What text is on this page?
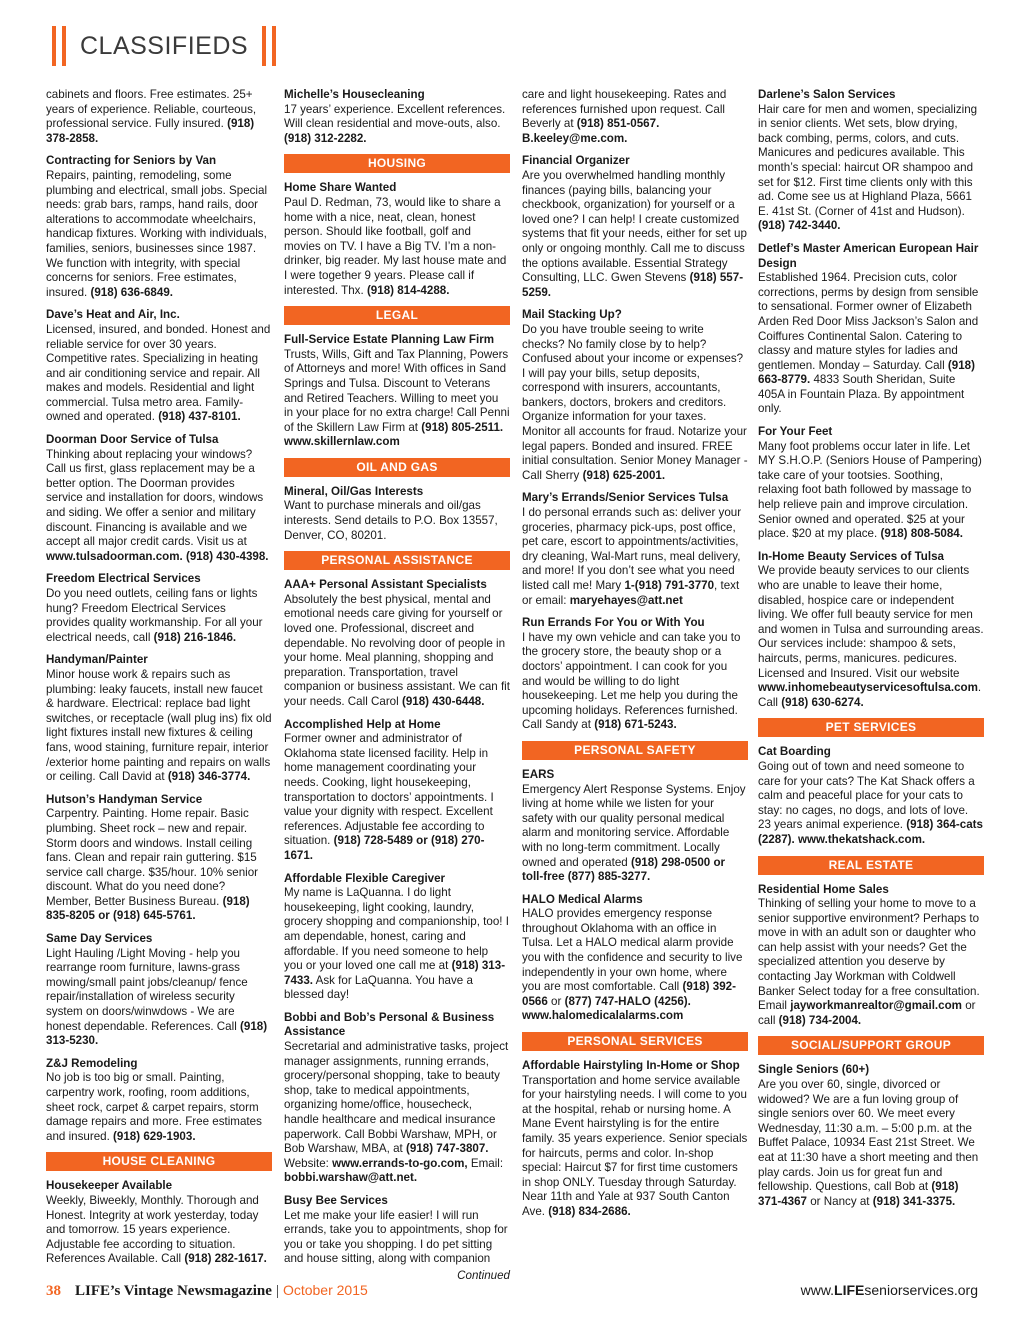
CLASSIFIEDS

cabinets and floors. Free estimates. 25+ years of experience. Reliable, courteous, professional service. Fully insured. (918) 378-2858.

Contracting for Seniors by Van
Repairs, painting, remodeling, some plumbing and electrical, small jobs. Special needs: grab bars, ramps, hand rails, door alterations to accommodate wheelchairs, handicap fixtures. Working with individuals, families, seniors, businesses since 1987. We function with integrity, with special concerns for seniors. Free estimates, insured. (918) 636-6849.

Dave’s Heat and Air, Inc.
Licensed, insured, and bonded. Honest and reliable service for over 30 years. Competitive rates. Specializing in heating and air conditioning service and repair. All makes and models. Residential and light commercial. Tulsa metro area. Family-owned and operated. (918) 437-8101.

Doorman Door Service of Tulsa
Thinking about replacing your windows? Call us first, glass replacement may be a better option. The Doorman provides service and installation for doors, windows and siding. We offer a senior and military discount. Financing is available and we accept all major credit cards. Visit us at www.tulsadoorman.com. (918) 430-4398.

Freedom Electrical Services
Do you need outlets, ceiling fans or lights hung? Freedom Electrical Services provides quality workmanship. For all your electrical needs, call (918) 216-1846.

Handyman/Painter
Minor house work & repairs such as plumbing: leaky faucets, install new faucet & hardware. Electrical: replace bad light switches, or receptacle (wall plug ins) fix old light fixtures install new fixtures & ceiling fans, wood staining, furniture repair, interior /exterior home painting and repairs on walls or ceiling. Call David at (918) 346-3774.

Hutson’s Handyman Service
Carpentry. Painting. Home repair. Basic plumbing. Sheet rock – new and repair. Storm doors and windows. Install ceiling fans. Clean and repair rain guttering. $15 service call charge. $35/hour. 10% senior discount. What do you need done? Member, Better Business Bureau. (918) 835-8205 or (918) 645-5761.

Same Day Services
Light Hauling /Light Moving - help you rearrange room furniture, lawns-grass mowing/small paint jobs/cleanup/ fence repair/installation of wireless security system on doors/winwdows - We are honest dependable. References. Call (918) 313-5230.

Z&J Remodeling
No job is too big or small. Painting, carpentry work, roofing, room additions, sheet rock, carpet & carpet repairs, storm damage repairs and more. Free estimates and insured. (918) 629-1903.

HOUSE CLEANING

Housekeeper Available
Weekly, Biweekly, Monthly. Thorough and Honest. Integrity at work yesterday, today and tomorrow. 15 years experience. Adjustable fee according to situation. References Available. Call (918) 282-1617.

Michelle’s Housecleaning
17 years’ experience. Excellent references. Will clean residential and move-outs, also. (918) 312-2282.

HOUSING

Home Share Wanted
Paul D. Redman, 73, would like to share a home with a nice, neat, clean, honest person. Should like football, golf and movies on TV. I have a Big TV. I’m a non-drinker, big reader. My last house mate and I were together 9 years. Please call if interested. Thx. (918) 814-4288.

LEGAL

Full-Service Estate Planning Law Firm
Trusts, Wills, Gift and Tax Planning, Powers of Attorneys and more! With offices in Sand Springs and Tulsa. Discount to Veterans and Retired Teachers. Willing to meet you in your place for no extra charge! Call Penni of the Skillern Law Firm at (918) 805-2511. www.skillernlaw.com

OIL AND GAS

Mineral, Oil/Gas Interests
Want to purchase minerals and oil/gas interests. Send details to P.O. Box 13557, Denver, CO, 80201.

PERSONAL ASSISTANCE

AAA+ Personal Assistant Specialists
Absolutely the best physical, mental and emotional needs care giving for yourself or loved one. Professional, discreet and dependable. No revolving door of people in your home. Meal planning, shopping and preparation. Transportation, travel companion or business assistant. We can fit your needs. Call Carol (918) 430-6448.

Accomplished Help at Home
Former owner and administrator of Oklahoma state licensed facility. Help in home management coordinating your needs. Cooking, light housekeeping, transportation to doctors’ appointments. I value your dignity with respect. Excellent references. Adjustable fee according to situation. (918) 728-5489 or (918) 270-1671.

Affordable Flexible Caregiver
My name is LaQuanna. I do light housekeeping, light cooking, laundry, grocery shopping and companionship, too! I am dependable, honest, caring and affordable. If you need someone to help you or your loved one call me at (918) 313-7433. Ask for LaQuanna. You have a blessed day!

Bobbi and Bob’s Personal & Business Assistance
Secretarial and administrative tasks, project manager assignments, running errands, grocery/personal shopping, take to beauty shop, take to medical appointments, organizing home/office, housecheck, handle healthcare and medical insurance paperwork. Call Bobbi Warshaw, MPH, or Bob Warshaw, MBA, at (918) 747-3807. Website: www.errands-to-go.com, Email: bobbi.warshaw@att.net.

Busy Bee Services
Let me make your life easier! I will run errands, take you to appointments, shop for you or take you shopping. I do pet sitting and house sitting, along with companion

Continued

care and light housekeeping. Rates and references furnished upon request. Call Beverly at (918) 851-0567. B.keeley@me.com.

Financial Organizer
Are you overwhelmed handling monthly finances (paying bills, balancing your checkbook, organization) for yourself or a loved one? I can help! I create customized systems that fit your needs, either for set up only or ongoing monthly. Call me to discuss the options available. Essential Strategy Consulting, LLC. Gwen Stevens (918) 557-5259.

Mail Stacking Up?
Do you have trouble seeing to write checks? No family close by to help? Confused about your income or expenses? I will pay your bills, setup deposits, correspond with insurers, accountants, bankers, doctors, brokers and creditors. Organize information for your taxes. Monitor all accounts for fraud. Notarize your legal papers. Bonded and insured. FREE initial consultation. Senior Money Manager - Call Sherry (918) 625-2001.

Mary’s Errands/Senior Services Tulsa
I do personal errands such as: deliver your groceries, pharmacy pick-ups, post office, pet care, escort to appointments/activities, dry cleaning, Wal-Mart runs, meal delivery, and more! If you don’t see what you need listed call me! Mary 1-(918) 791-3770, text or email: maryehayes@att.net

Run Errands For You or With You
I have my own vehicle and can take you to the grocery store, the beauty shop or a doctors’ appointment. I can cook for you and would be willing to do light housekeeping. Let me help you during the upcoming holidays. References furnished. Call Sandy at (918) 671-5243.

PERSONAL SAFETY

EARS
Emergency Alert Response Systems. Enjoy living at home while we listen for your safety with our quality personal medical alarm and monitoring service. Affordable with no long-term commitment. Locally owned and operated (918) 298-0500 or toll-free (877) 885-3277.

HALO Medical Alarms
HALO provides emergency response throughout Oklahoma with an office in Tulsa. Let a HALO medical alarm provide you with the confidence and security to live independently in your own home, where you are most comfortable. Call (918) 392-0566 or (877) 747-HALO (4256). www.halomedicalalarms.com

PERSONAL SERVICES

Affordable Hairstyling In-Home or Shop
Transportation and home service available for your hairstyling needs. I will come to you at the hospital, rehab or nursing home. A Mane Event hairstyling is for the entire family. 35 years experience. Senior specials for haircuts, perms and color. In-shop special: Haircut $7 for first time customers in shop ONLY. Tuesday through Saturday. Near 11th and Yale at 937 South Canton Ave. (918) 834-2686.

Darlene’s Salon Services
Hair care for men and women, specializing in senior clients. Wet sets, blow drying, back combing, perms, colors, and cuts. Manicures and pedicures available. This month’s special: haircut OR shampoo and set for $12. First time clients only with this ad. Come see us at Highland Plaza, 5661 E. 41st St. (Corner of 41st and Hudson). (918) 742-3440.

Detlef’s Master American European Hair Design
Established 1964. Precision cuts, color corrections, perms by design from sensible to sensational. Former owner of Elizabeth Arden Red Door Miss Jackson’s Salon and Coiffures Continental Salon. Catering to classy and mature styles for ladies and gentlemen. Monday – Saturday. Call (918) 663-8779. 4833 South Sheridan, Suite 405A in Fountain Plaza. By appointment only.

For Your Feet
Many foot problems occur later in life. Let MY S.H.O.P. (Seniors House of Pampering) take care of your tootsies. Soothing, relaxing foot bath followed by massage to help relieve pain and improve circulation. Senior owned and operated. $25 at your place. $20 at my place. (918) 808-5084.

In-Home Beauty Services of Tulsa
We provide beauty services to our clients who are unable to leave their home, disabled, hospice care or independent living. We offer full beauty service for men and women in Tulsa and surrounding areas. Our services include: shampoo & sets, haircuts, perms, manicures. pedicures. Licensed and Insured. Visit our website www.inhomebeautyservicesoftulsa.com. Call (918) 630-6274.

PET SERVICES

Cat Boarding
Going out of town and need someone to care for your cats? The Kat Shack offers a calm and peaceful place for your cats to stay: no cages, no dogs, and lots of love. 23 years animal experience. (918) 364-cats (2287). www.thekatshack.com.

REAL ESTATE

Residential Home Sales
Thinking of selling your home to move to a senior supportive environment? Perhaps to move in with an adult son or daughter who can help assist with your needs? Get the specialized attention you deserve by contacting Jay Workman with Coldwell Banker Select today for a free consultation. Email jayworkmanrealtor@gmail.com or call (918) 734-2004.

SOCIAL/SUPPORT GROUP

Single Seniors (60+)
Are you over 60, single, divorced or widowed? We are a fun loving group of single seniors over 60. We meet every Wednesday, 11:30 a.m. – 5:00 p.m. at the Buffet Palace, 10934 East 21st Street. We eat at 11:30 have a short meeting and then play cards. Join us for great fun and fellowship. Questions, call Bob at (918) 371-4367 or Nancy at (918) 341-3375.

38 LIFE’s Vintage Newsmagazine | October 2015	www.LIFEseniorservices.org
